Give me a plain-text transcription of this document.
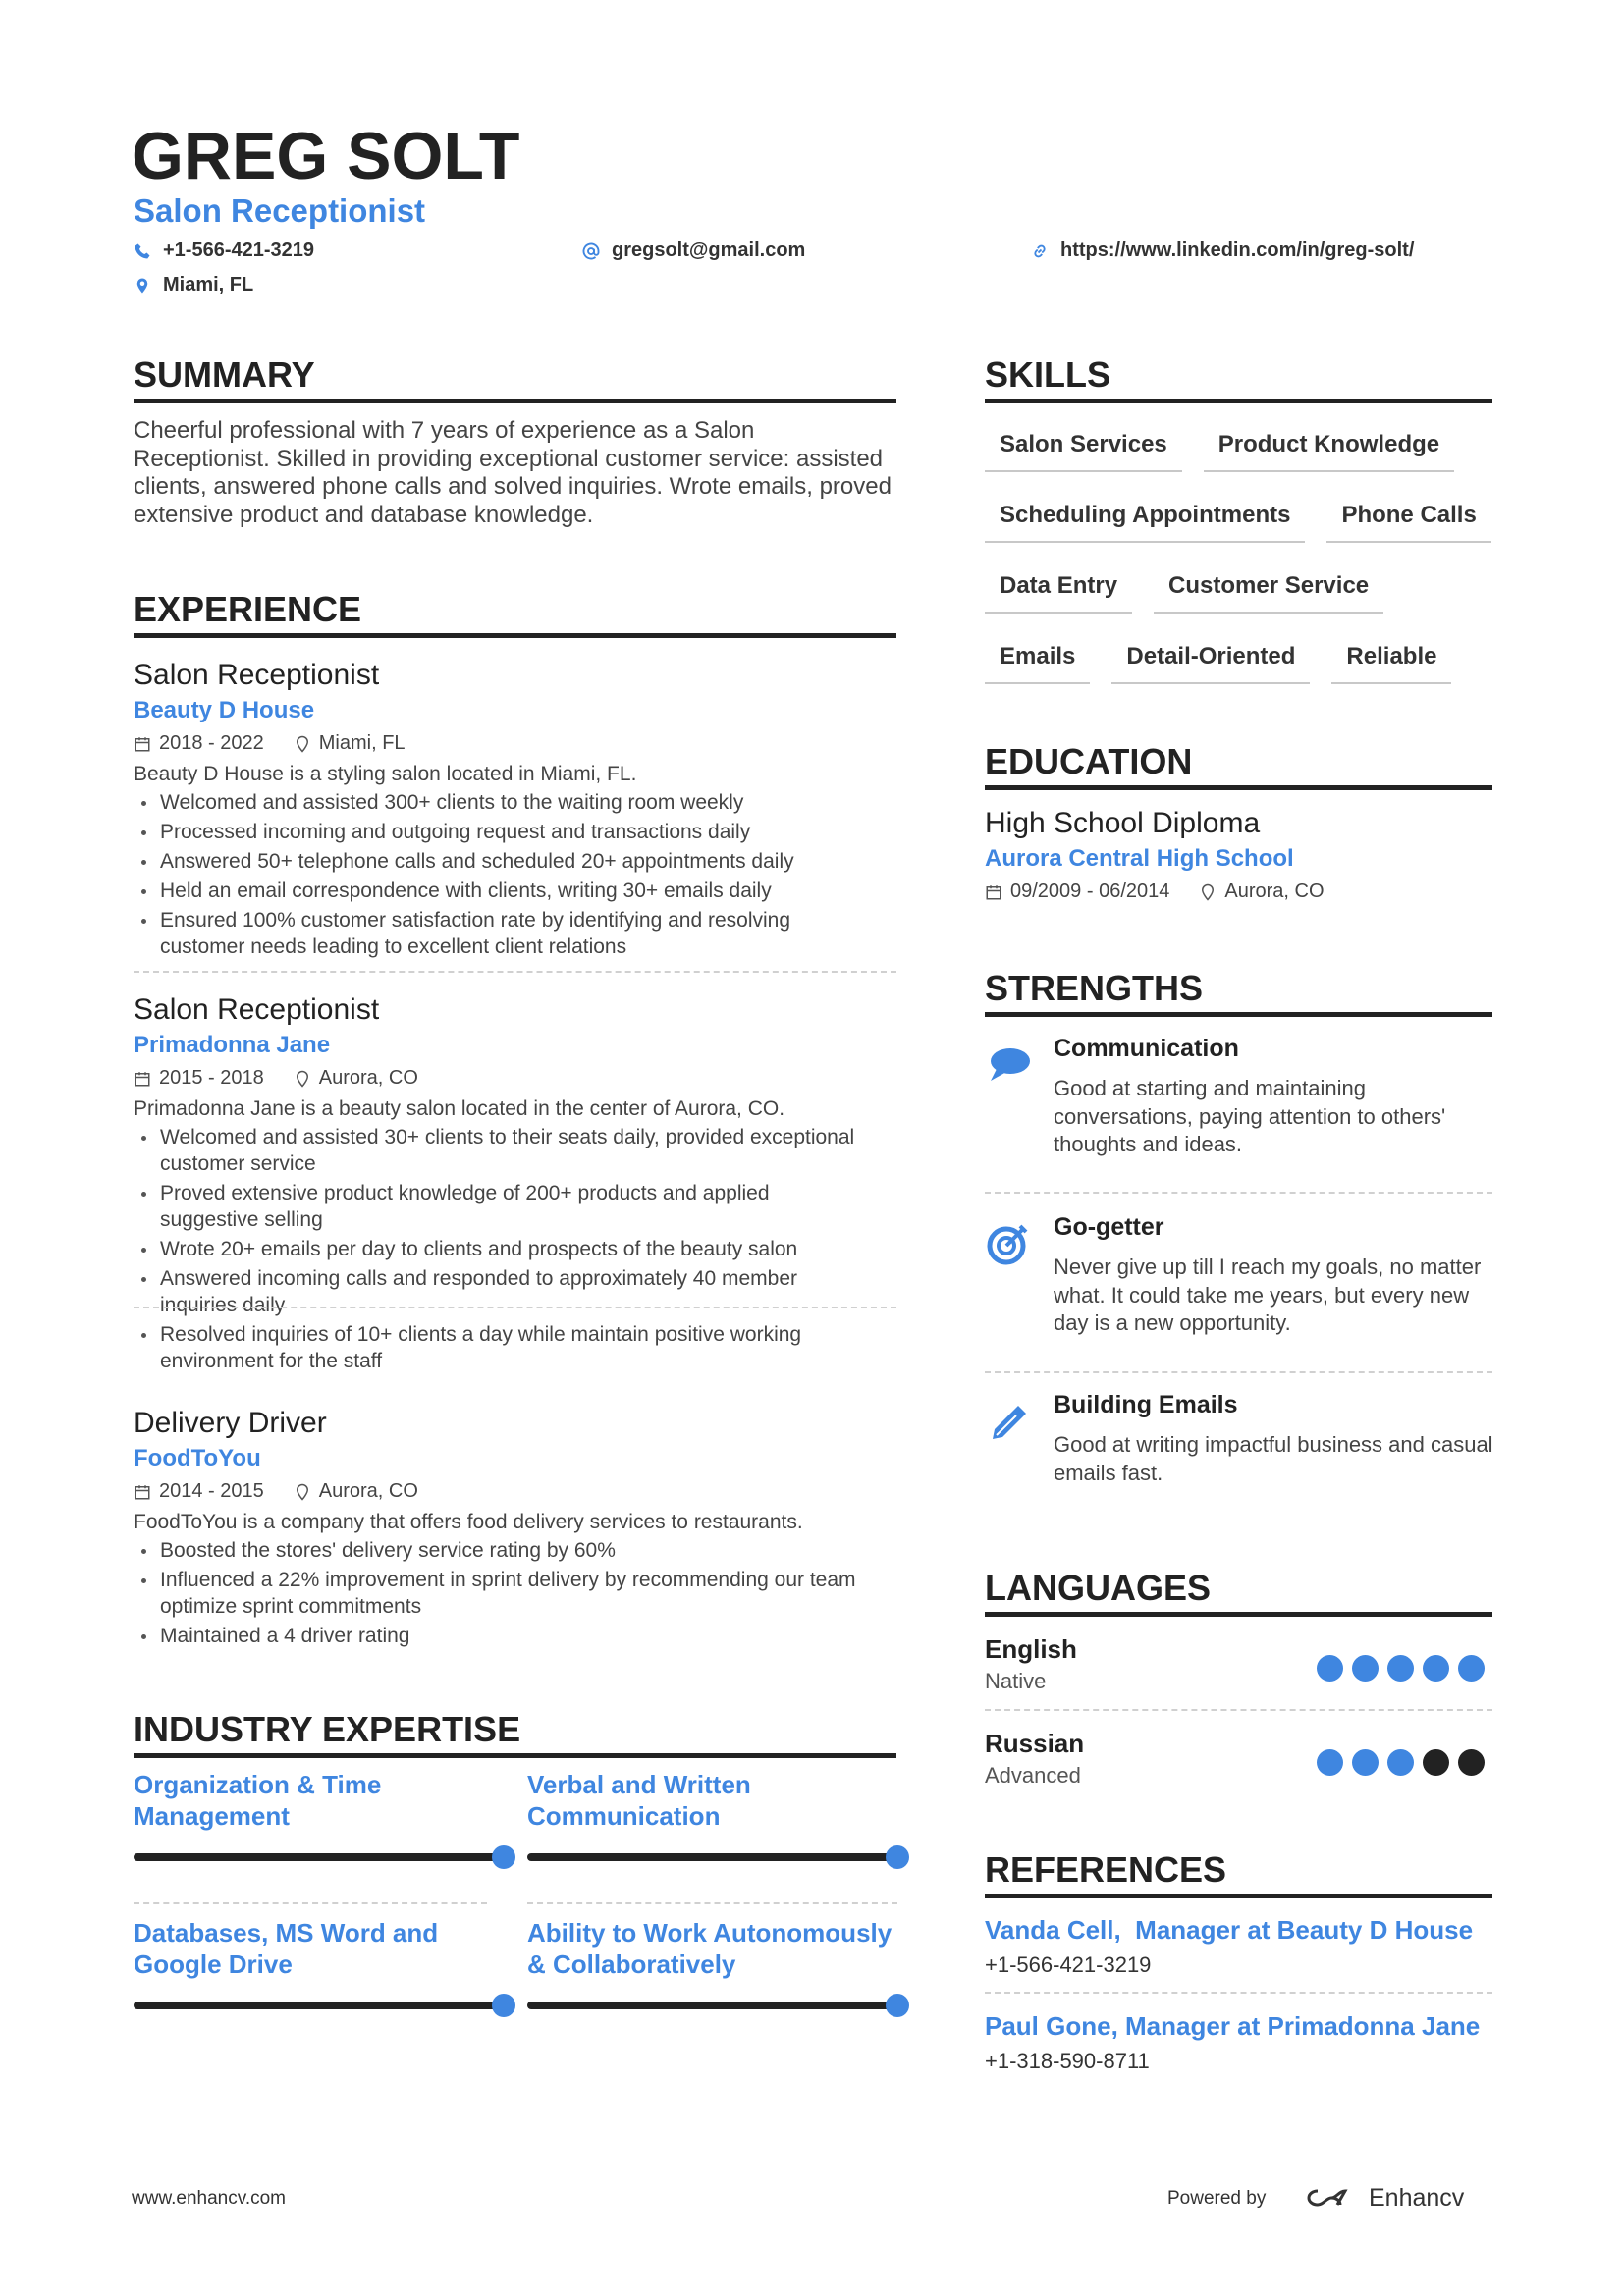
GREG SOLT
Salon Receptionist
+1-566-421-3219	gregsolt@gmail.com	https://www.linkedin.com/in/greg-solt/
Miami, FL
SUMMARY
Cheerful professional with 7 years of experience as a Salon Receptionist. Skilled in providing exceptional customer service: assisted clients, answered phone calls and solved inquiries. Wrote emails, proved extensive product and database knowledge.
EXPERIENCE
Salon Receptionist
Beauty D House
2018 - 2022	Miami, FL
Beauty D House is a styling salon located in Miami, FL.
Welcomed and assisted 300+ clients to the waiting room weekly
Processed incoming and outgoing request and transactions daily
Answered 50+ telephone calls and scheduled 20+ appointments daily
Held an email correspondence with clients, writing 30+ emails daily
Ensured 100% customer satisfaction rate by identifying and resolving customer needs leading to excellent client relations
Salon Receptionist
Primadonna Jane
2015 - 2018	Aurora, CO
Primadonna Jane is a beauty salon located in the center of Aurora, CO.
Welcomed and assisted 30+ clients to their seats daily, provided exceptional customer service
Proved extensive product knowledge of 200+ products and applied suggestive selling
Wrote 20+ emails per day to clients and prospects of the beauty salon
Answered incoming calls and responded to approximately 40 member inquiries daily
Resolved inquiries of 10+ clients a day while maintain positive working environment for the staff
Delivery Driver
FoodToYou
2014 - 2015	Aurora, CO
FoodToYou is a company that offers food delivery services to restaurants.
Boosted the stores' delivery service rating by 60%
Influenced a 22% improvement in sprint delivery by recommending our team optimize sprint commitments
Maintained a 4 driver rating
INDUSTRY EXPERTISE
Organization & Time Management
Verbal and Written Communication
Databases, MS Word and Google Drive
Ability to Work Autonomously & Collaboratively
SKILLS
Salon Services	Product Knowledge
Scheduling Appointments	Phone Calls
Data Entry	Customer Service
Emails	Detail-Oriented	Reliable
EDUCATION
High School Diploma
Aurora Central High School
09/2009 - 06/2014	Aurora, CO
STRENGTHS
Communication
Good at starting and maintaining conversations, paying attention to others' thoughts and ideas.
Go-getter
Never give up till I reach my goals, no matter what. It could take me years, but every new day is a new opportunity.
Building Emails
Good at writing impactful business and casual emails fast.
LANGUAGES
English
Native
Russian
Advanced
REFERENCES
Vanda Cell,  Manager at Beauty D House
+1-566-421-3219
Paul Gone, Manager at Primadonna Jane
+1-318-590-8711
www.enhancv.com	Powered by	Enhancv
